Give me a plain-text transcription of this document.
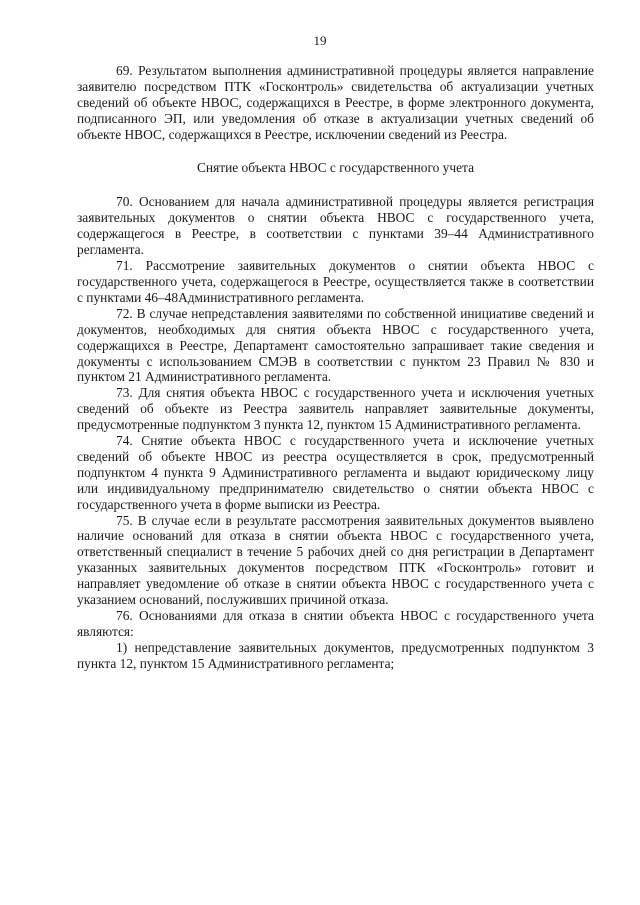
19

69. Результатом выполнения административной процедуры является направление заявителю посредством ПТК «Госконтроль» свидетельства об актуализации учетных сведений об объекте НВОС, содержащихся в Реестре, в форме электронного документа, подписанного ЭП, или уведомления об отказе в актуализации учетных сведений об объекте НВОС, содержащихся в Реестре, исключении сведений из Реестра.

Снятие объекта НВОС с государственного учета

70. Основанием для начала административной процедуры является регистрация заявительных документов о снятии объекта НВОС с государственного учета, содержащегося в Реестре, в соответствии с пунктами 39–44 Административного регламента.

71. Рассмотрение заявительных документов о снятии объекта НВОС с государственного учета, содержащегося в Реестре, осуществляется также в соответствии с пунктами 46–48Административного регламента.

72. В случае непредставления заявителями по собственной инициативе сведений и документов, необходимых для снятия объекта НВОС с государственного учета, содержащихся в Реестре, Департамент самостоятельно запрашивает такие сведения и документы с использованием СМЭВ в соответствии с пунктом 23 Правил № 830 и пунктом 21 Административного регламента.

73. Для снятия объекта НВОС с государственного учета и исключения учетных сведений об объекте из Реестра заявитель направляет заявительные документы, предусмотренные подпунктом 3 пункта 12, пунктом 15 Административного регламента.

74. Снятие объекта НВОС с государственного учета и исключение учетных сведений об объекте НВОС из реестра осуществляется в срок, предусмотренный подпунктом 4 пункта 9 Административного регламента и выдают юридическому лицу или индивидуальному предпринимателю свидетельство о снятии объекта НВОС с государственного учета в форме выписки из Реестра.

75. В случае если в результате рассмотрения заявительных документов выявлено наличие оснований для отказа в снятии объекта НВОС с государственного учета, ответственный специалист в течение 5 рабочих дней со дня регистрации в Департамент указанных заявительных документов посредством ПТК «Госконтроль» готовит и направляет уведомление об отказе в снятии объекта НВОС с государственного учета с указанием оснований, послуживших причиной отказа.

76. Основаниями для отказа в снятии объекта НВОС с государственного учета являются:

1) непредставление заявительных документов, предусмотренных подпунктом 3 пункта 12, пунктом 15 Административного регламента;
